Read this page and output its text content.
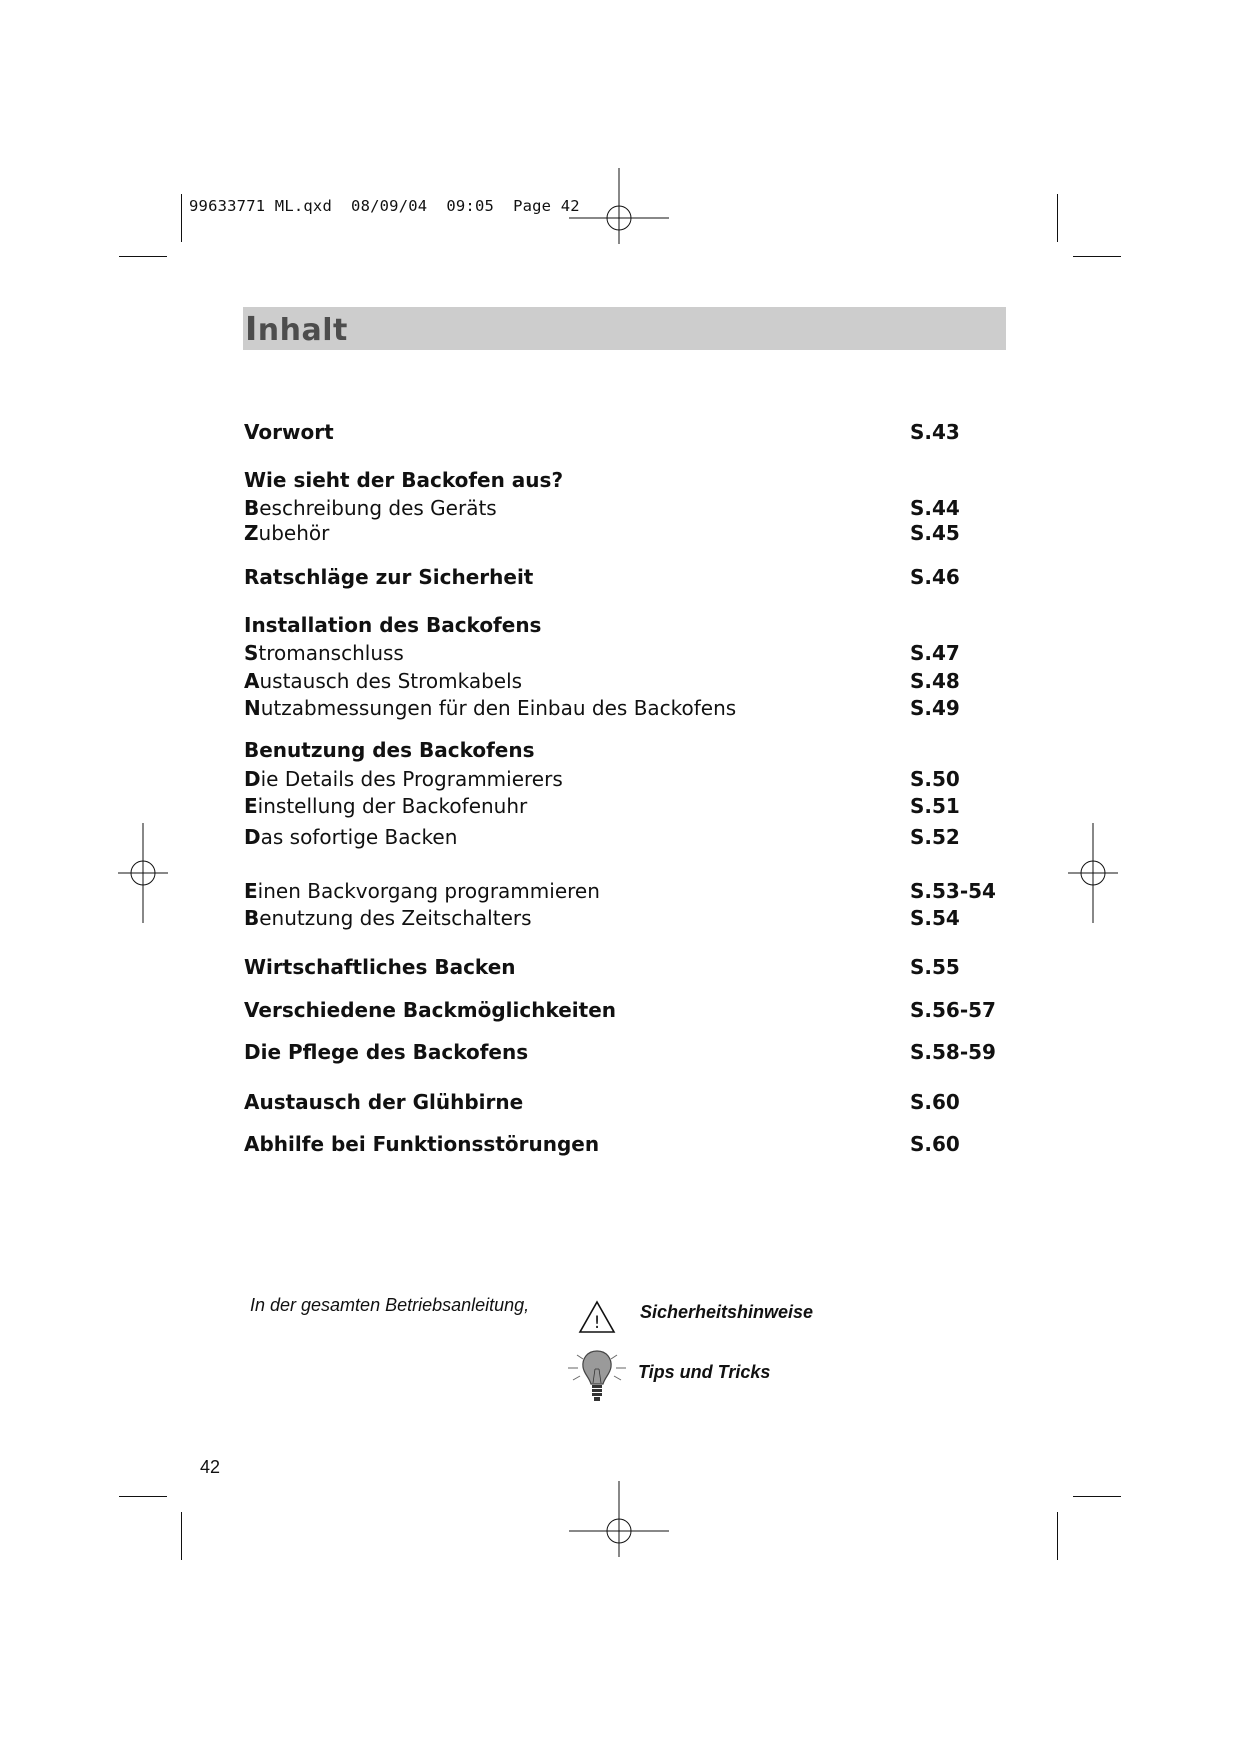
99633771 ML.qxd  08/09/04  09:05  Page 42
Inhalt
Vorwort	S.43
Wie sieht der Backofen aus?
Beschreibung des Geräts	S.44
Zubehör	S.45
Ratschläge zur Sicherheit	S.46
Installation des Backofens
Stromanschluss	S.47
Austausch des Stromkabels	S.48
Nutzabmessungen für den Einbau des Backofens	S.49
Benutzung des Backofens
Die Details des Programmierers	S.50
Einstellung der Backofenuhr	S.51
Das sofortige Backen	S.52
Einen Backvorgang programmieren	S.53-54
Benutzung des Zeitschalters	S.54
Wirtschaftliches Backen	S.55
Verschiedene Backmöglichkeiten	S.56-57
Die Pflege des Backofens	S.58-59
Austausch der Glühbirne	S.60
Abhilfe bei Funktionsstörungen	S.60
In der gesamten Betriebsanleitung,
!
Sicherheitshinweise
Tips und Tricks
42
